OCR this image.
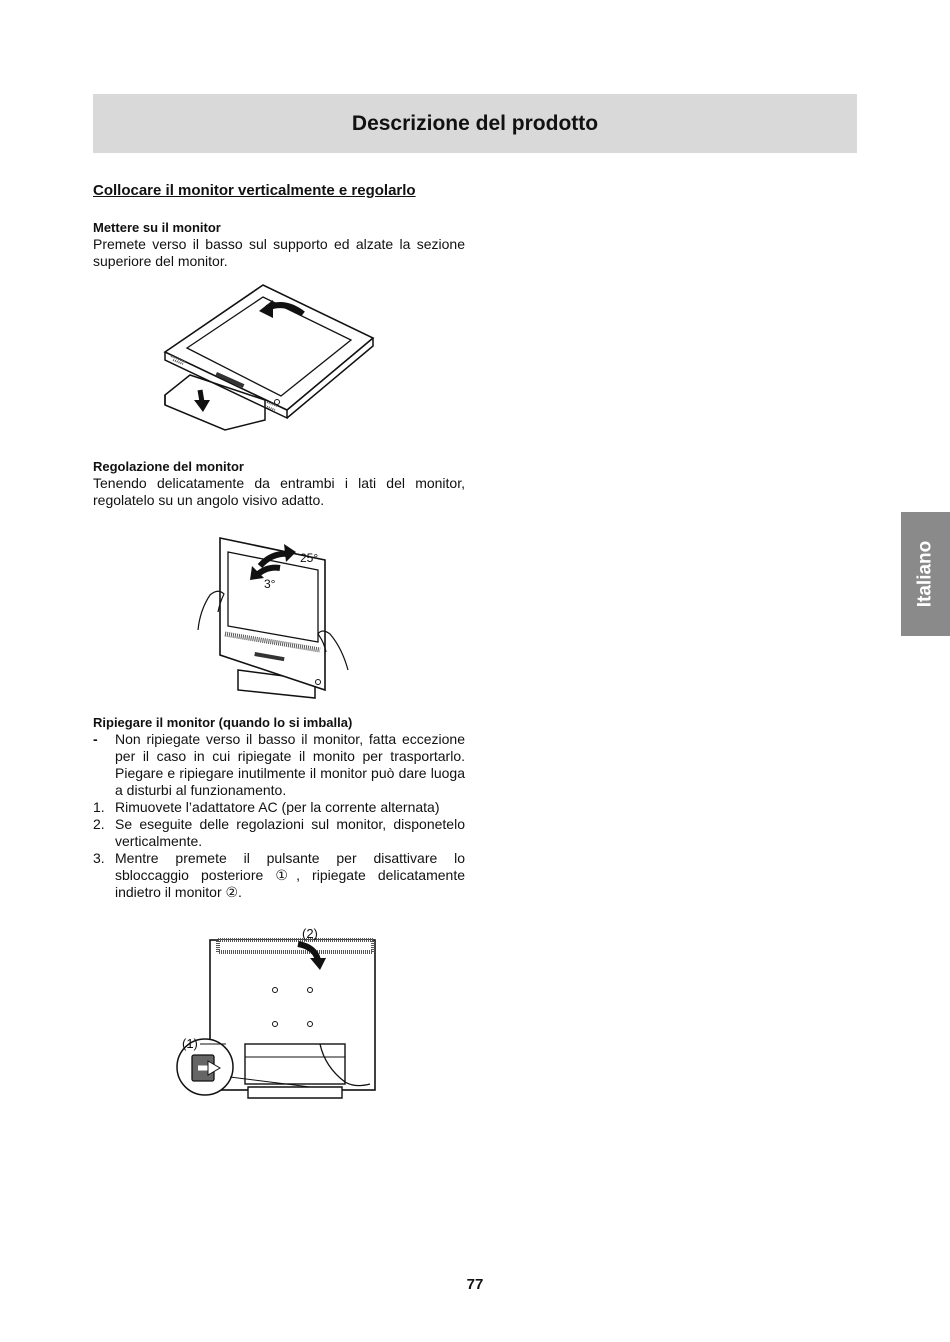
Descrizione del prodotto
Collocare il monitor verticalmente e regolarlo
Mettere su il monitor

Premete verso il basso sul supporto ed alzate la sezione superiore del monitor.

Regolazione del monitor

Tenendo delicatamente da entrambi i lati del monitor, regolatelo su un angolo visivo adatto.

25°
3°
Ripiegare il monitor (quando lo si imballa)
- Non ripiegate verso il basso il monitor, fatta eccezione per il caso in cui ripiegate il monito per trasportarlo. Piegare e ripiegare inutilmente il monitor può dare luoga a disturbi al funzionamento.
1. Rimuovete l’adattatore AC (per la corrente alternata)
2. Se eseguite delle regolazioni sul monitor, disponetelo verticalmente.
3. Mentre premete il pulsante per disattivare lo sbloccaggio posteriore ①, ripiegate delicatamente indietro il monitor ②.
(2)
(1)
Italiano
77
